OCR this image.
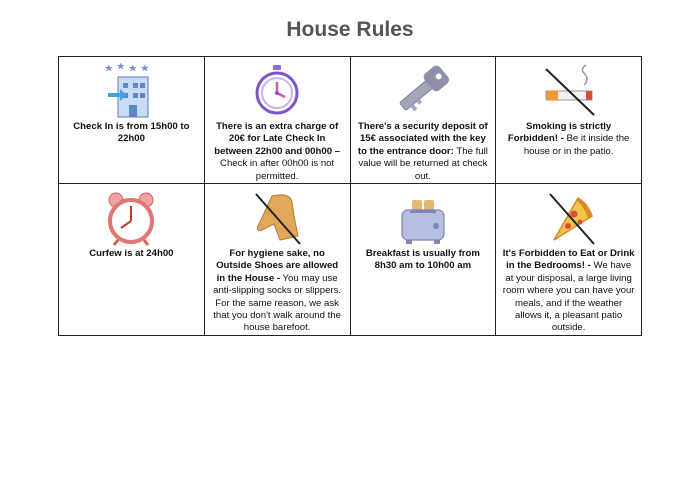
House Rules
Check In is from 15h00 to 22h00	There is an extra charge of 20€ for Late Check In between 22h00 and 00h00 – Check in after 00h00 is not permitted.	There's a security deposit of 15€ associated with the key to the entrance door: The full value will be returned at check out.	Smoking is strictly Forbidden! - Be it inside the house or in the patio.

Curfew is at 24h00	For hygiene sake, no Outside Shoes are allowed in the House - You may use anti-slipping socks or slippers. For the same reason, we ask that you don't walk around the house barefoot.	Breakfast is usually from 8h30 am to 10h00 am	It's Forbidden to Eat or Drink in the Bedrooms! - We have at your disposal, a large living room where you can have your meals, and if the weather allows it, a pleasant patio outside.
